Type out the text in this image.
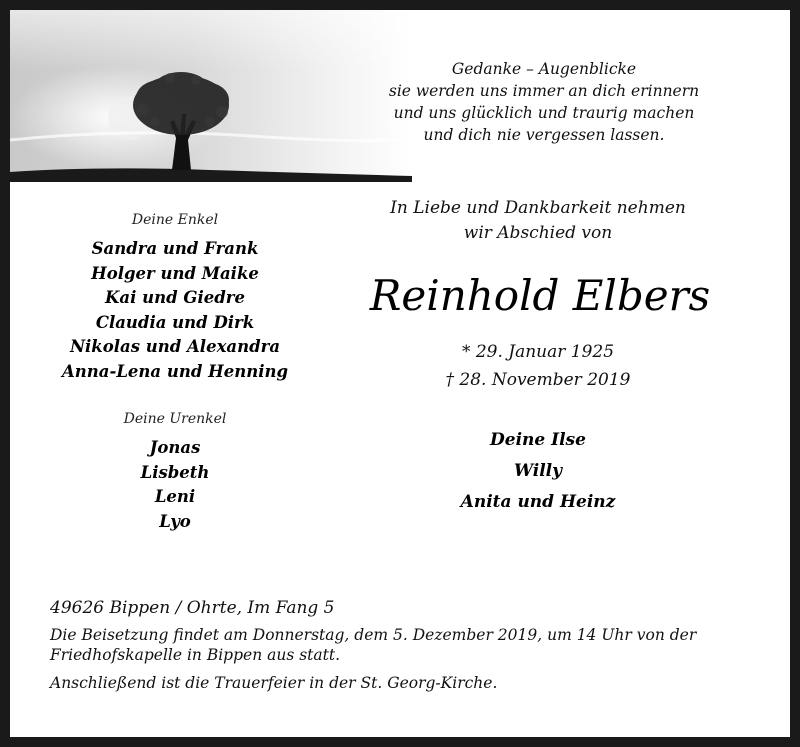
Gedanke – Augenblicke
sie werden uns immer an dich erinnern
und uns glücklich und traurig machen
und dich nie vergessen lassen.
Deine Enkel
Sandra und Frank
Holger und Maike
Kai und Giedre
Claudia und Dirk
Nikolas und Alexandra
Anna-Lena und Henning
Deine Urenkel
Jonas
Lisbeth
Leni
Lyo
In Liebe und Dankbarkeit nehmen
wir Abschied von
Reinhold Elbers
* 29. Januar 1925
† 28. November 2019
Deine Ilse
Willy
Anita und Heinz
49626 Bippen / Ohrte, Im Fang 5
Die Beisetzung findet am Donnerstag, dem 5. Dezember 2019, um 14 Uhr von der Friedhofskapelle in Bippen aus statt.
Anschließend ist die Trauerfeier in der St. Georg-Kirche.
